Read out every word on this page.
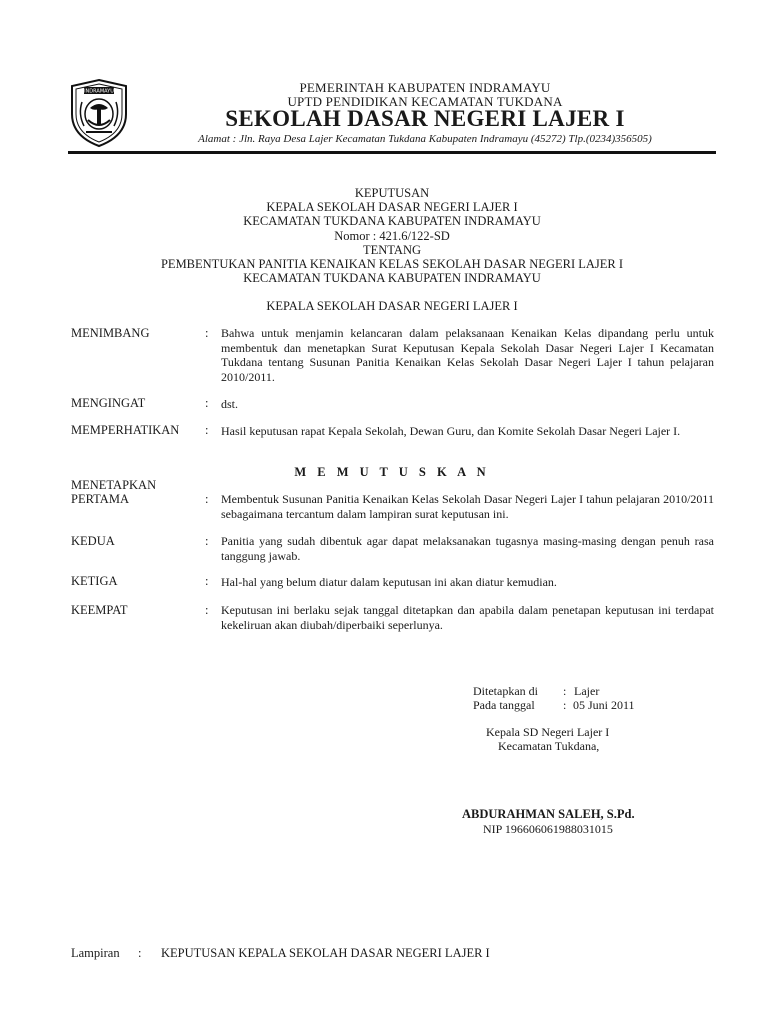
INDRAMAYU	PEMERINTAH KABUPATEN INDRAMAYU
UPTD PENDIDIKAN KECAMATAN TUKDANA
SEKOLAH DASAR NEGERI LAJER I
Alamat : Jln. Raya Desa Lajer Kecamatan Tukdana Kabupaten Indramayu (45272) Tlp.(0234)356505)
KEPUTUSAN
KEPALA SEKOLAH DASAR NEGERI LAJER I
KECAMATAN TUKDANA KABUPATEN INDRAMAYU
Nomor : 421.6/122-SD
TENTANG
PEMBENTUKAN PANITIA KENAIKAN KELAS SEKOLAH DASAR NEGERI LAJER I
KECAMATAN TUKDANA KABUPATEN INDRAMAYU
KEPALA SEKOLAH DASAR NEGERI LAJER I
MENIMBANG	: Bahwa untuk menjamin kelancaran dalam pelaksanaan Kenaikan Kelas dipandang perlu untuk membentuk dan menetapkan Surat Keputusan Kepala Sekolah Dasar Negeri Lajer I Kecamatan Tukdana tentang Susunan Panitia Kenaikan Kelas Sekolah Dasar Negeri Lajer I tahun pelajaran 2010/2011.
MENGINGAT	: dst.
MEMPERHATIKAN : Hasil keputusan rapat Kepala Sekolah, Dewan Guru, dan Komite Sekolah Dasar Negeri Lajer I.
M E M U T U S K A N
MENETAPKAN
PERTAMA	: Membentuk Susunan Panitia Kenaikan Kelas Sekolah Dasar Negeri Lajer I tahun pelajaran 2010/2011 sebagaimana tercantum dalam lampiran surat keputusan ini.
KEDUA	: Panitia yang sudah dibentuk agar dapat melaksanakan tugasnya masing-masing dengan penuh rasa tanggung jawab.
KETIGA	: Hal-hal yang belum diatur dalam keputusan ini akan diatur kemudian.
KEEMPAT	: Keputusan ini berlaku sejak tanggal ditetapkan dan apabila dalam penetapan keputusan ini terdapat kekeliruan akan diubah/diperbaiki seperlunya.
Ditetapkan di : Lajer
Pada tanggal : 05 Juni 2011
Kepala SD Negeri Lajer I
Kecamatan Tukdana,
ABDURAHMAN SALEH, S.Pd.
NIP 196606061988031015
Lampiran : KEPUTUSAN KEPALA SEKOLAH DASAR NEGERI LAJER I
